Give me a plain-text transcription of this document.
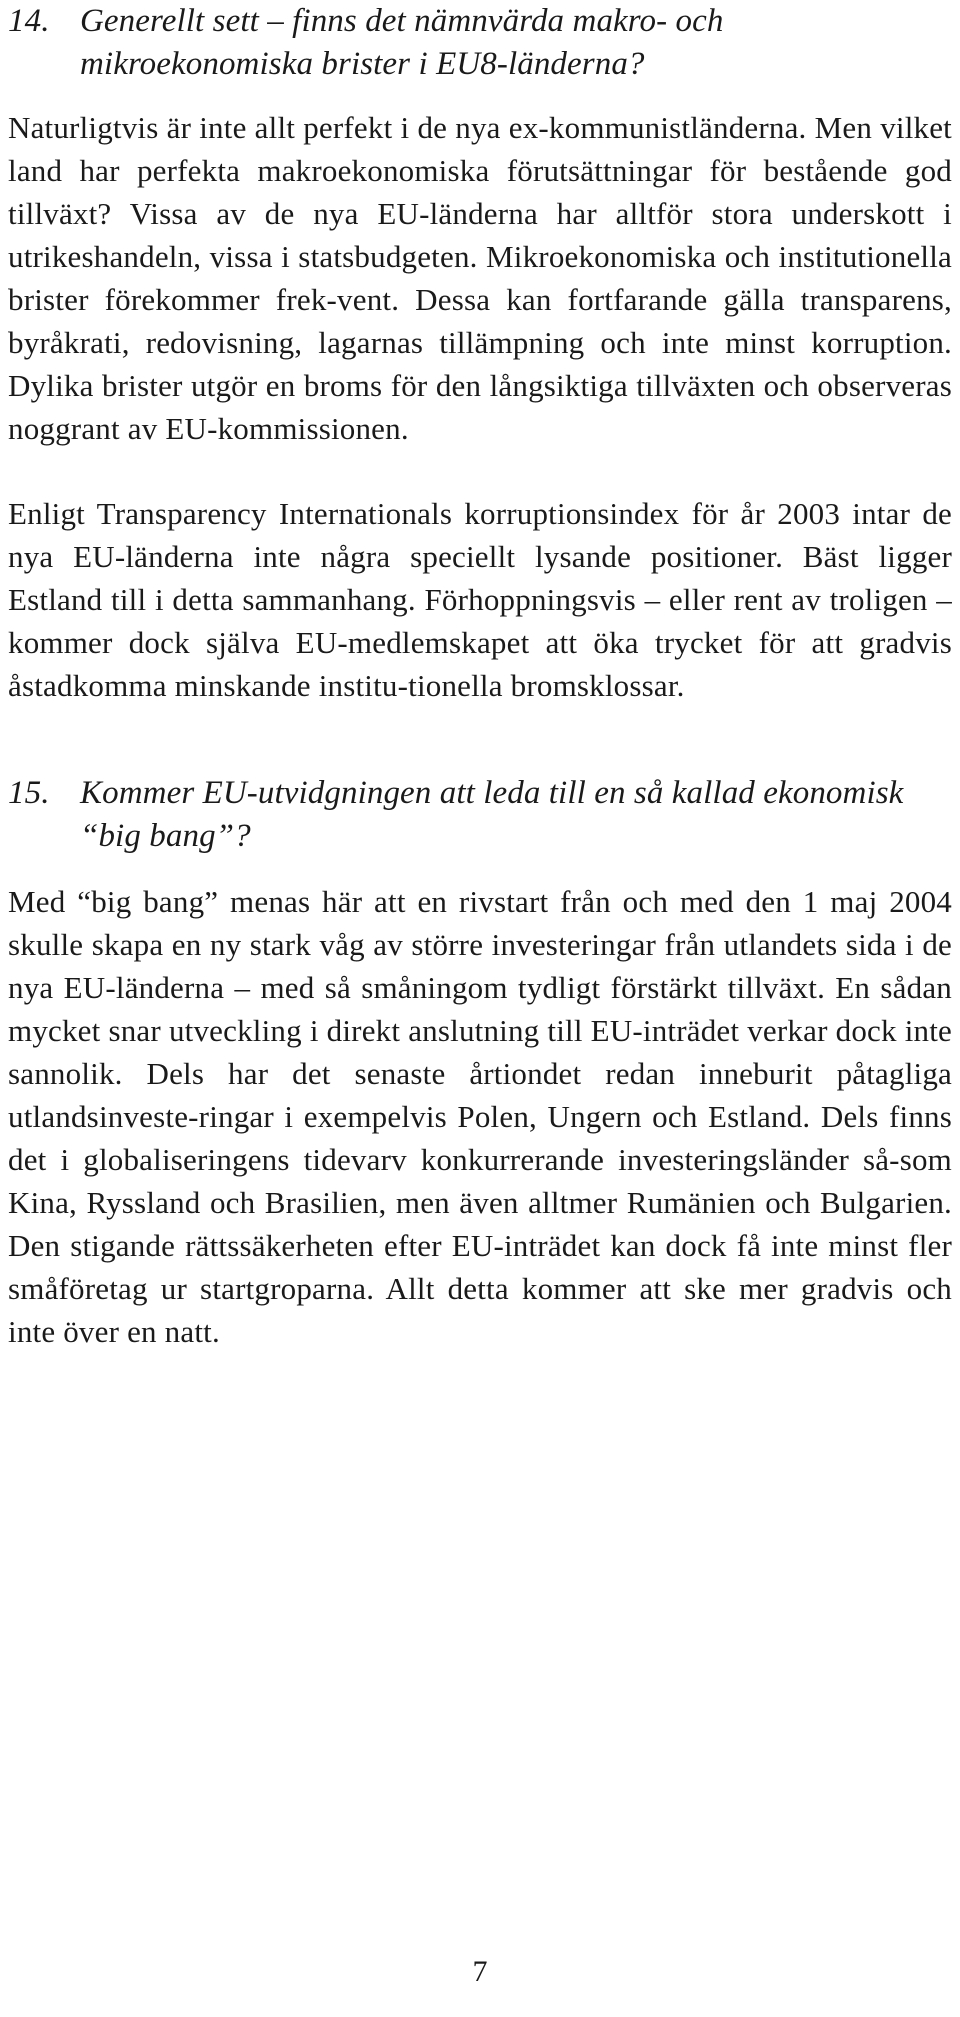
14. Generellt sett – finns det nämnvärda makro- och mikroekonomiska brister i EU8-länderna?

Naturligtvis är inte allt perfekt i de nya ex-kommunistländerna. Men vilket land har perfekta makroekonomiska förutsättningar för bestående god tillväxt? Vissa av de nya EU-länderna har alltför stora underskott i utrikeshandeln, vissa i statsbudgeten. Mikroekonomiska och institutionella brister förekommer frek-vent. Dessa kan fortfarande gälla transparens, byråkrati, redovisning, lagarnas tillämpning och inte minst korruption. Dylika brister utgör en broms för den långsiktiga tillväxten och observeras noggrant av EU-kommissionen.

Enligt Transparency Internationals korruptionsindex för år 2003 intar de nya EU-länderna inte några speciellt lysande positioner. Bäst ligger Estland till i detta sammanhang. Förhoppningsvis – eller rent av troligen – kommer dock själva EU-medlemskapet att öka trycket för att gradvis åstadkomma minskande institu-tionella bromsklossar.

15. Kommer EU-utvidgningen att leda till en så kallad ekonomisk “big bang”?

Med “big bang” menas här att en rivstart från och med den 1 maj 2004 skulle skapa en ny stark våg av större investeringar från utlandets sida i de nya EU-länderna – med så småningom tydligt förstärkt tillväxt. En sådan mycket snar utveckling i direkt anslutning till EU-inträdet verkar dock inte sannolik. Dels har det senaste årtiondet redan inneburit påtagliga utlandsinveste-ringar i exempelvis Polen, Ungern och Estland. Dels finns det i globaliseringens tidevarv konkurrerande investeringsländer så-som Kina, Ryssland och Brasilien, men även alltmer Rumänien och Bulgarien. Den stigande rättssäkerheten efter EU-inträdet kan dock få inte minst fler småföretag ur startgroparna. Allt detta kommer att ske mer gradvis och inte över en natt.

7
